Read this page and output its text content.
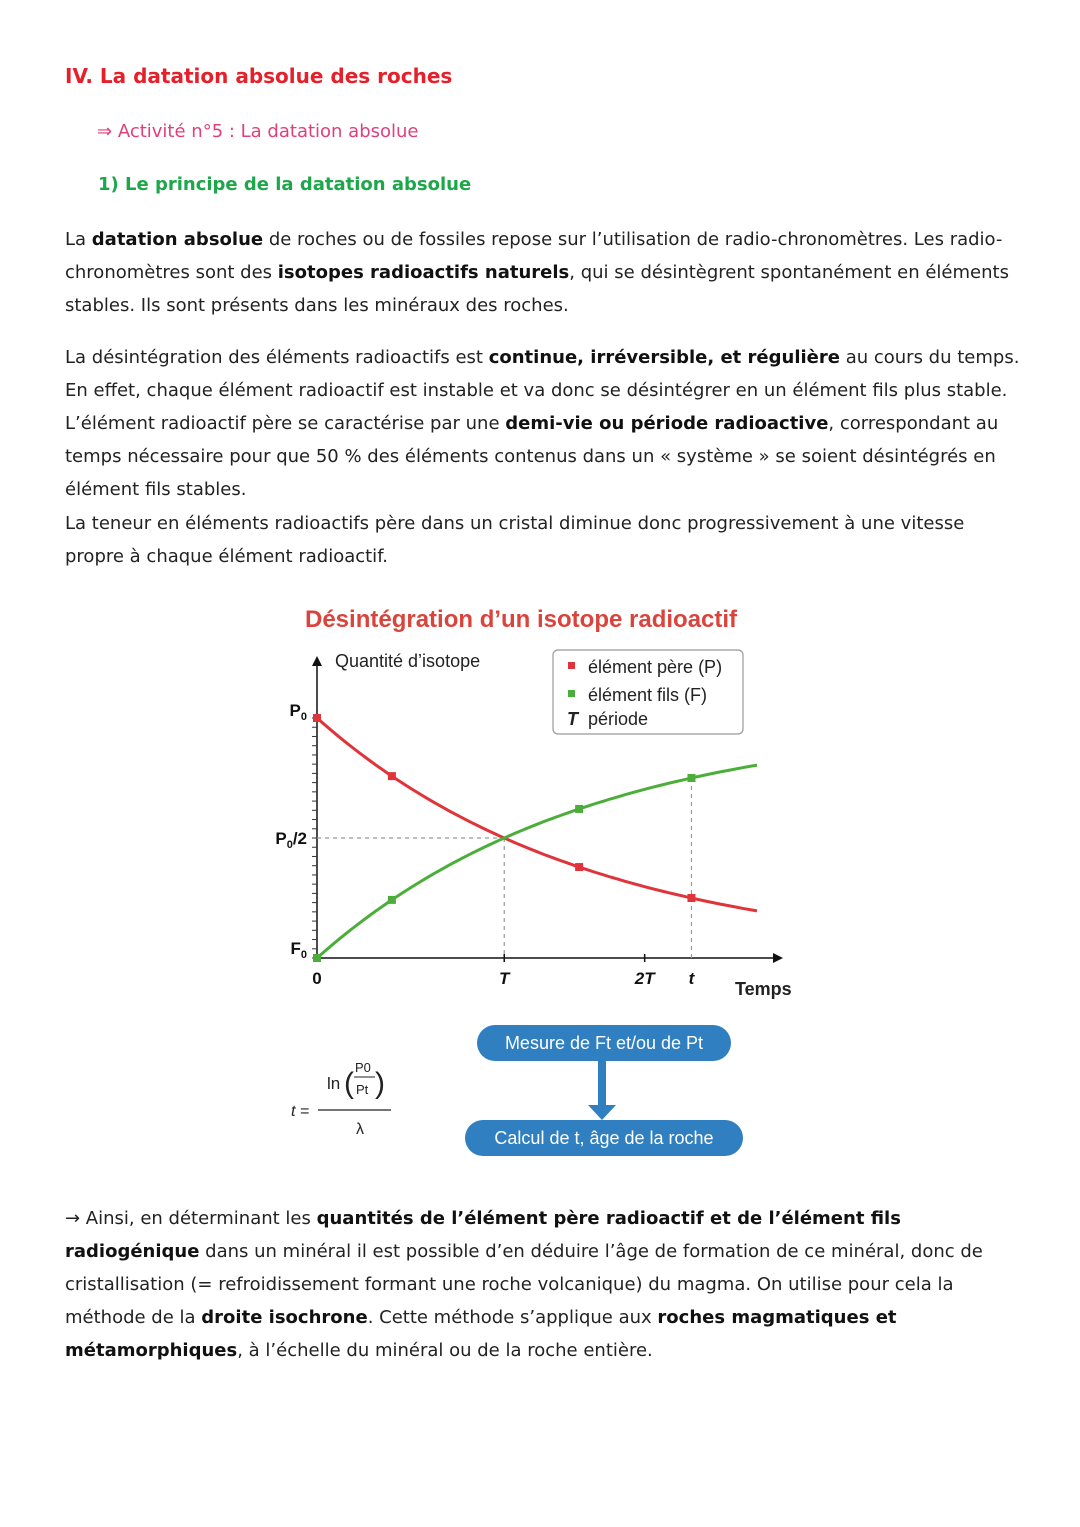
IV. La datation absolue des roches
⇒ Activité n°5 : La datation absolue
1) Le principe de la datation absolue
La datation absolue de roches ou de fossiles repose sur l’utilisation de radio-chronomètres. Les radio-chronomètres sont des isotopes radioactifs naturels, qui se désintègrent spontanément en éléments stables. Ils sont présents dans les minéraux des roches.
La désintégration des éléments radioactifs est continue, irréversible, et régulière au cours du temps. En effet, chaque élément radioactif est instable et va donc se désintégrer en un élément fils plus stable. L’élément radioactif père se caractérise par une demi-vie ou période radioactive, correspondant au temps nécessaire pour que 50 % des éléments contenus dans un « système » se soient désintégrés en élément fils stables.
La teneur en éléments radioactifs père dans un cristal diminue donc progressivement à une vitesse propre à chaque élément radioactif.
Désintégration d’un isotope radioactif
Quantité d’isotope
Temps
élément père (P)
élément fils (F)
T période
0	T	2T t
$P_0$
$P_0/2$
$F_0$
t =
ln ( P0
Pt )
λ
Mesure de Ft et/ou de Pt
Calcul de t, âge de la roche
→ Ainsi, en déterminant les quantités de l’élément père radioactif et de l’élément fils radiogénique dans un minéral il est possible d’en déduire l’âge de formation de ce minéral, donc de cristallisation (= refroidissement formant une roche volcanique) du magma. On utilise pour cela la méthode de la droite isochrone. Cette méthode s’applique aux roches magmatiques et métamorphiques, à l’échelle du minéral ou de la roche entière.
